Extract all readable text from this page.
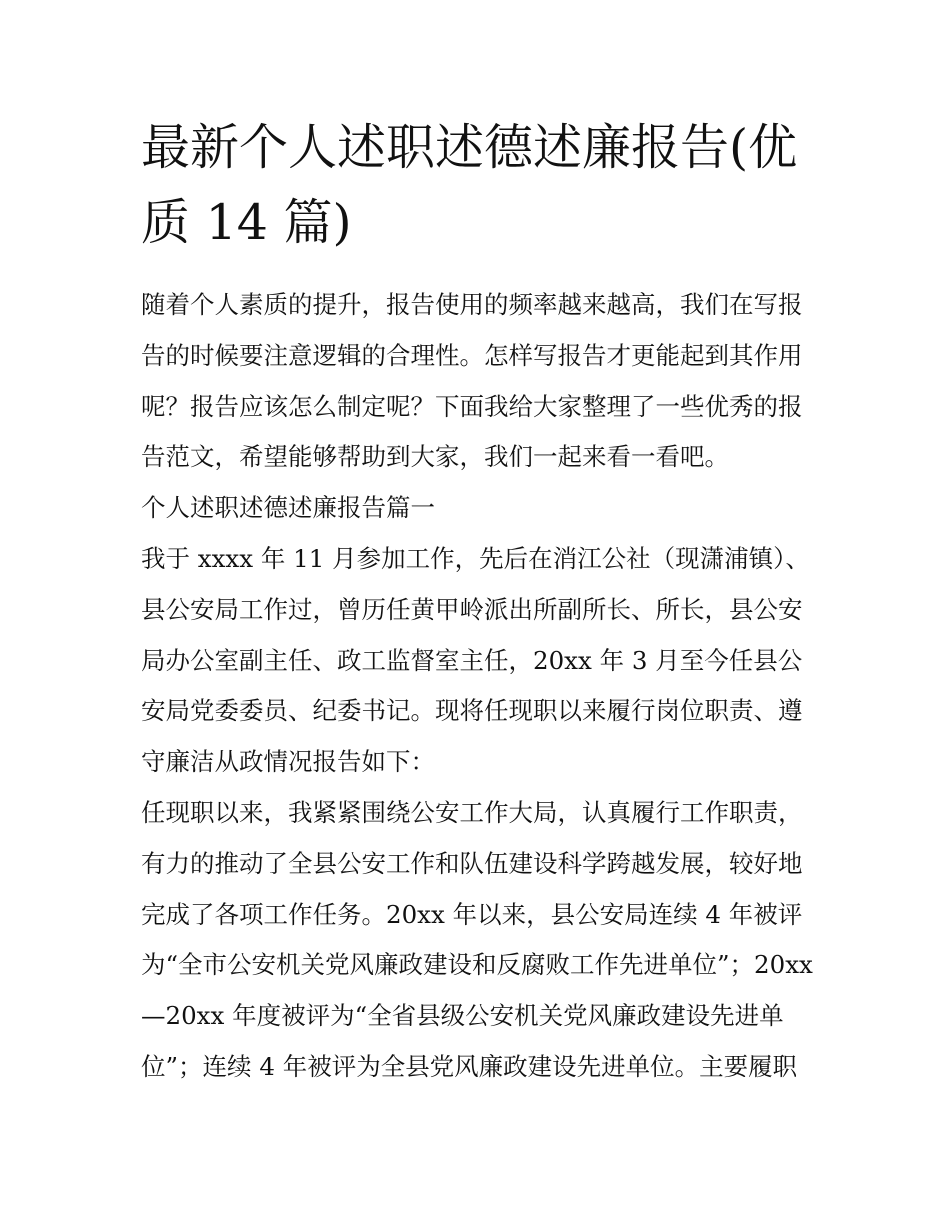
最新个人述职述德述廉报告(优质 14 篇)

随着个人素质的提升，报告使用的频率越来越高，我们在写报告的时候要注意逻辑的合理性。怎样写报告才更能起到其作用呢？报告应该怎么制定呢？下面我给大家整理了一些优秀的报告范文，希望能够帮助到大家，我们一起来看一看吧。

个人述职述德述廉报告篇一

我于 xxxx 年 11 月参加工作，先后在消江公社（现潇浦镇）、县公安局工作过，曾历任黄甲岭派出所副所长、所长，县公安局办公室副主任、政工监督室主任，20xx 年 3 月至今任县公安局党委委员、纪委书记。现将任现职以来履行岗位职责、遵守廉洁从政情况报告如下：

任现职以来，我紧紧围绕公安工作大局，认真履行工作职责，有力的推动了全县公安工作和队伍建设科学跨越发展，较好地完成了各项工作任务。20xx 年以来，县公安局连续 4 年被评为“全市公安机关党风廉政建设和反腐败工作先进单位”；20xx —20xx 年度被评为“全省县级公安机关党风廉政建设先进单位”；连续 4 年被评为全县党风廉政建设先进单位。主要履职
